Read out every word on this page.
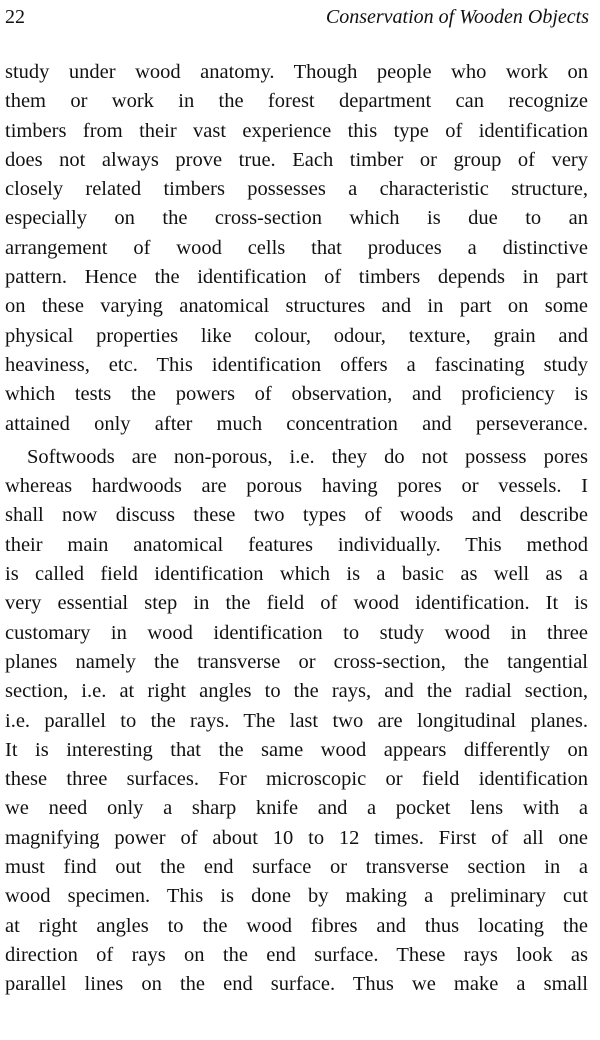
22	Conservation of Wooden Objects

study under wood anatomy. Though people who work on
them or work in the forest department can recognize
timbers from their vast experience this type of identification
does not always prove true. Each timber or group of very
closely related timbers possesses a characteristic structure,
especially on the cross-section which is due to an
arrangement of wood cells that produces a distinctive
pattern. Hence the identification of timbers depends in part
on these varying anatomical structures and in part on some
physical properties like colour, odour, texture, grain and
heaviness, etc. This identification offers a fascinating study
which tests the powers of observation, and proficiency is
attained only after much concentration and perseverance.

Softwoods are non-porous, i.e. they do not possess pores
whereas hardwoods are porous having pores or vessels. I
shall now discuss these two types of woods and describe
their main anatomical features individually. This method
is called field identification which is a basic as well as a
very essential step in the field of wood identification. It is
customary in wood identification to study wood in three
planes namely the transverse or cross-section, the tangential
section, i.e. at right angles to the rays, and the radial section,
i.e. parallel to the rays. The last two are longitudinal planes.
It is interesting that the same wood appears differently on
these three surfaces. For microscopic or field identification
we need only a sharp knife and a pocket lens with a
magnifying power of about 10 to 12 times. First of all one
must find out the end surface or transverse section in a
wood specimen. This is done by making a preliminary cut
at right angles to the wood fibres and thus locating the
direction of rays on the end surface. These rays look as
parallel lines on the end surface. Thus we make a small
